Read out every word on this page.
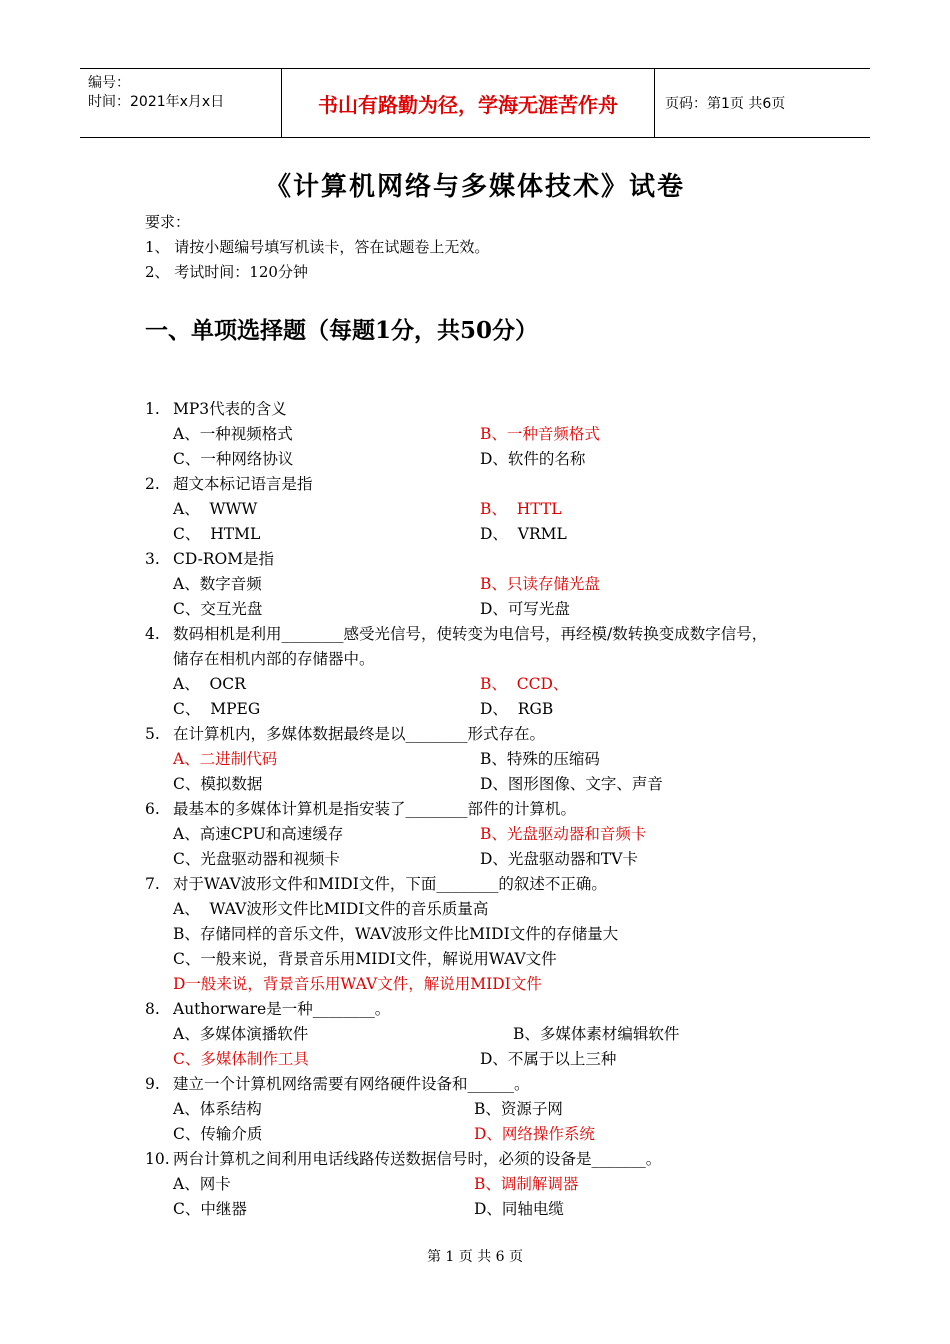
编号：
时间：2021年x月x日	书山有路勤为径，学海无涯苦作舟	页码：第1页 共6页
《计算机网络与多媒体技术》试卷
要求：
1、 请按小题编号填写机读卡，答在试题卷上无效。
2、 考试时间：120分钟
一、单项选择题（每题1分，共50分）
1. MP3代表的含义
A、一种视频格式	B、一种音频格式
C、一种网络协议	D、软件的名称
2. 超文本标记语言是指
A、  WWW	B、  HTTL
C、  HTML	D、  VRML
3. CD-ROM是指
A、数字音频	B、只读存储光盘
C、交互光盘	D、可写光盘
4. 数码相机是利用________感受光信号，使转变为电信号，再经模/数转换变成数字信号，
储存在相机内部的存储器中。
A、  OCR	B、  CCD、
C、  MPEG	D、  RGB
5. 在计算机内，多媒体数据最终是以________形式存在。
A、二进制代码	B、特殊的压缩码
C、模拟数据	D、图形图像、文字、声音
6. 最基本的多媒体计算机是指安装了________部件的计算机。
A、高速CPU和高速缓存	B、光盘驱动器和音频卡
C、光盘驱动器和视频卡	D、光盘驱动器和TV卡
7. 对于WAV波形文件和MIDI文件，下面________的叙述不正确。
A、  WAV波形文件比MIDI文件的音乐质量高
B、存储同样的音乐文件，WAV波形文件比MIDI文件的存储量大
C、一般来说，背景音乐用MIDI文件，解说用WAV文件
D一般来说，背景音乐用WAV文件，解说用MIDI文件
8. Authorware是一种________。
A、多媒体演播软件	B、多媒体素材编辑软件
C、多媒体制作工具	D、不属于以上三种
9. 建立一个计算机网络需要有网络硬件设备和______。
A、体系结构	B、资源子网
C、传输介质	D、网络操作系统
10. 两台计算机之间利用电话线路传送数据信号时，必须的设备是_______。
A、网卡	B、调制解调器
C、中继器	D、同轴电缆
第 1 页 共 6 页
